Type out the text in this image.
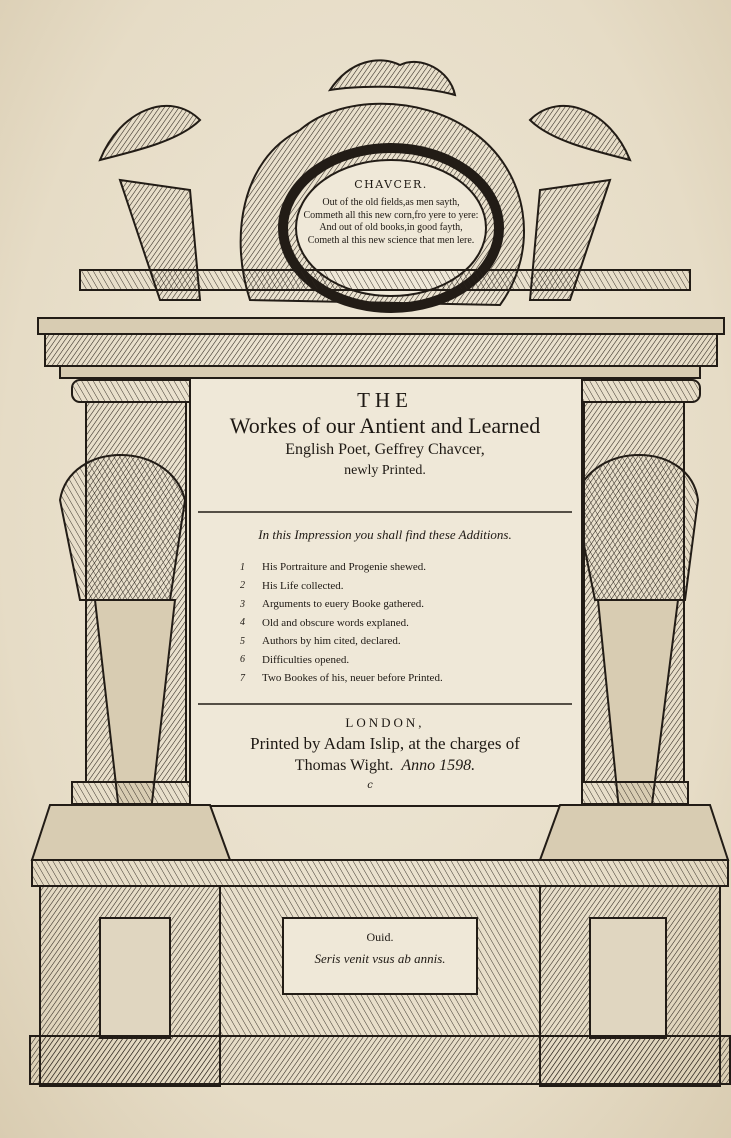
CHAVCER.
Out of the old fields,as men sayth,
Commeth all this new corn,fro yere to yere:
And out of old books,in good fayth,
Cometh al this new science that men lere.
THE
Workes of our Antient and Learned
English Poet, Geffrey Chavcer,
newly Printed.
In this Impression you shall find these Additions.
1	His Portraiture and Progenie shewed.
2	His Life collected.
3	Arguments to euery Booke gathered.
4	Old and obscure words explaned.
5	Authors by him cited, declared.
6	Difficulties opened.
7	Two Bookes of his, neuer before Printed.
LONDON,
Printed by Adam Islip, at the charges of
Thomas Wight. Anno 1598.
c
Ouid.
Seris venit vsus ab annis.
